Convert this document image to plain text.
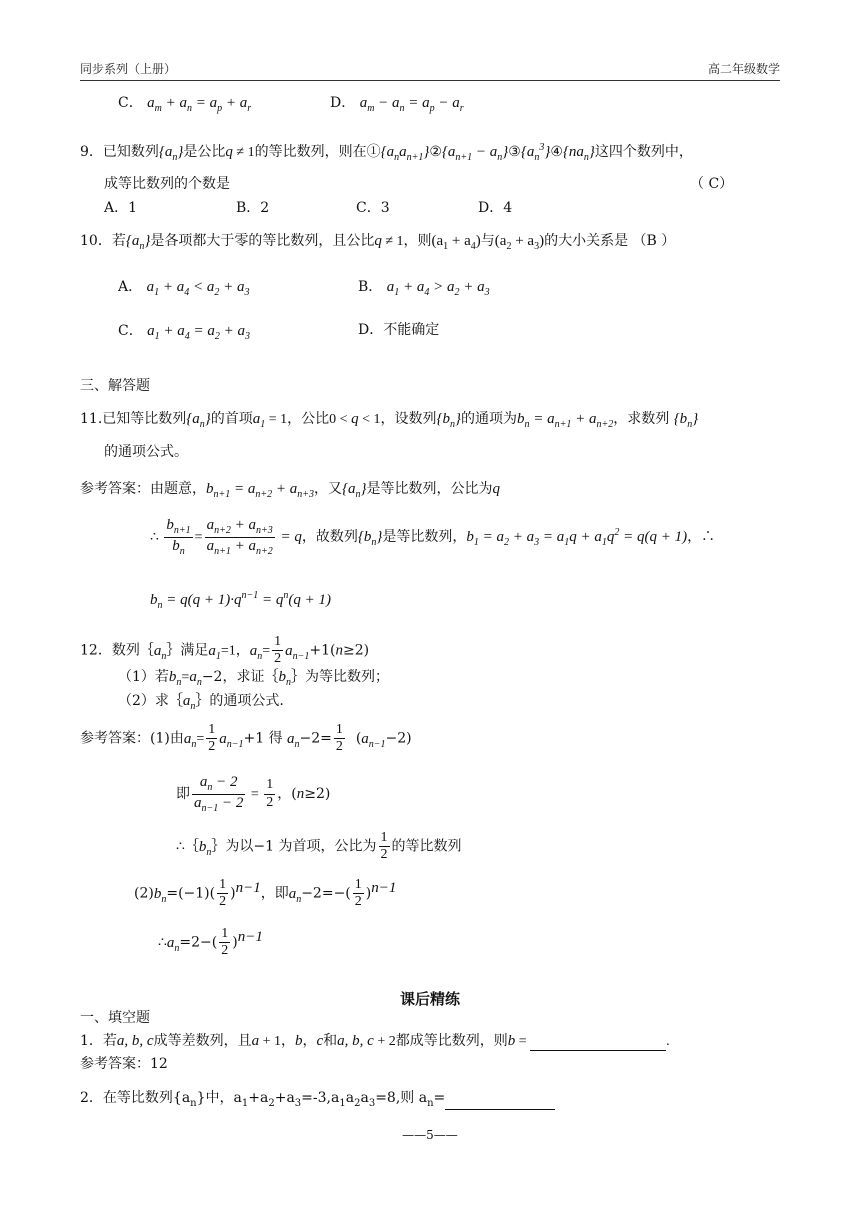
同步系列（上册）	高二年级数学
C． $a_m + a_n = a_p + a_r$	D． $a_m - a_n = a_p - a_r$
9．已知数列$\{a_n\}$是公比q ≠ 1的等比数列，则在$①\{a_na_{n+1}\}②\{a_{n+1}$ − $a_n\}③\{a_n^3\}④\{na_n\}$这四个数列中，
成等比数列的个数是	（ C）
A．1	B．2	C．3	D．4
10．若$\{a_n\}$是各项都大于零的等比数列，且公比q ≠ 1，则$(a_1 + a_4)$与$(a_2 + a_3)$的大小关系是 （B ）
A． $a_1 + a_4 < a_2 + a_3$	B． $a_1 + a_4 > a_2 + a_3$
C． $a_1 + a_4 = a_2 + a_3$	D．不能确定
三、解答题
11.已知等比数列$\{a_n\}$的首项$a_1 = 1$，公比0 < q < 1，设数列$\{b_n\}$的通项为$b_n = a_{n+1} + a_{n+2}$，求数列 $\{b_n\}$
的通项公式。
参考答案：由题意，$b_{n+1} = a_{n+2} + a_{n+3}$，又$\{a_n\}$是等比数列，公比为q
∴ $\frac{b_{n+1}}{b_n} = \frac{a_{n+2} + a_{n+3}}{a_{n+1} + a_{n+2}} = q$，故数列$\{b_n\}$是等比数列，$b_1 = a_2 + a_3 = a_1q + a_1q^2 = q(q + 1)$，∴
$b_n = q(q + 1)\cdot q^{n-1} = q^n(q + 1)$
12．数列$\{a_n\}$满足$a_1=1$，$a_n= \frac{1}{2} a_{n-1}+1(n\ge 2)$
（1）若$b_n=a_n-2$，求证$\{b_n\}$为等比数列；
（2）求$\{a_n\}$的通项公式.
参考答案：(1)由$a_n= \frac{1}{2} a_{n-1}+1$ 得 $a_n-2= \frac{1}{2} (a_{n-1}-2)$
即 $\frac{a_n - 2}{a_{n-1} - 2} = \frac{1}{2}$ ，(n≥2)
$\therefore\{b_n\}$为以−1 为首项，公比为 $\frac{1}{2}$ 的等比数列
$(2)b_n=(-1)( \frac{1}{2} )^{n-1}$，即$a_n-2=-( \frac{1}{2} )^{n-1}$
$\therefore a_n=2-( \frac{1}{2} )^{n-1}$
课后精练
一、填空题
1．若a, b, c成等差数列，且a + 1，b，c和a, b, c + 2都成等比数列，则b =	.
参考答案：12
2．在等比数列$\{a_n\}$中，$a_1+a_2+a_3=-3,a_1a_2a_3=8$,则 $a_n=$
——5——
